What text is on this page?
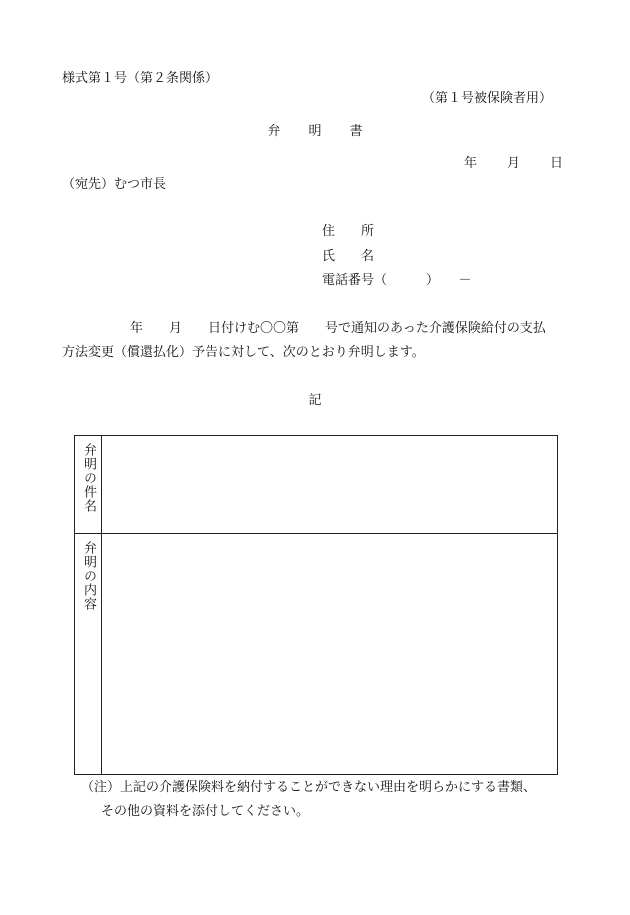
様式第１号（第２条関係）
（第１号被保険者用）
弁明書
年 月 日
（宛先）むつ市長
住　　所
氏　　名
電話番号（　　　）　　－
年　　月　　日付けむ〇〇第　　号で通知のあった介護保険給付の支払
方法変更（償還払化）予告に対して、次のとおり弁明します。
記
弁明の件名
弁明の内容
（注）上記の介護保険料を納付することができない理由を明らかにする書類、
その他の資料を添付してください。
